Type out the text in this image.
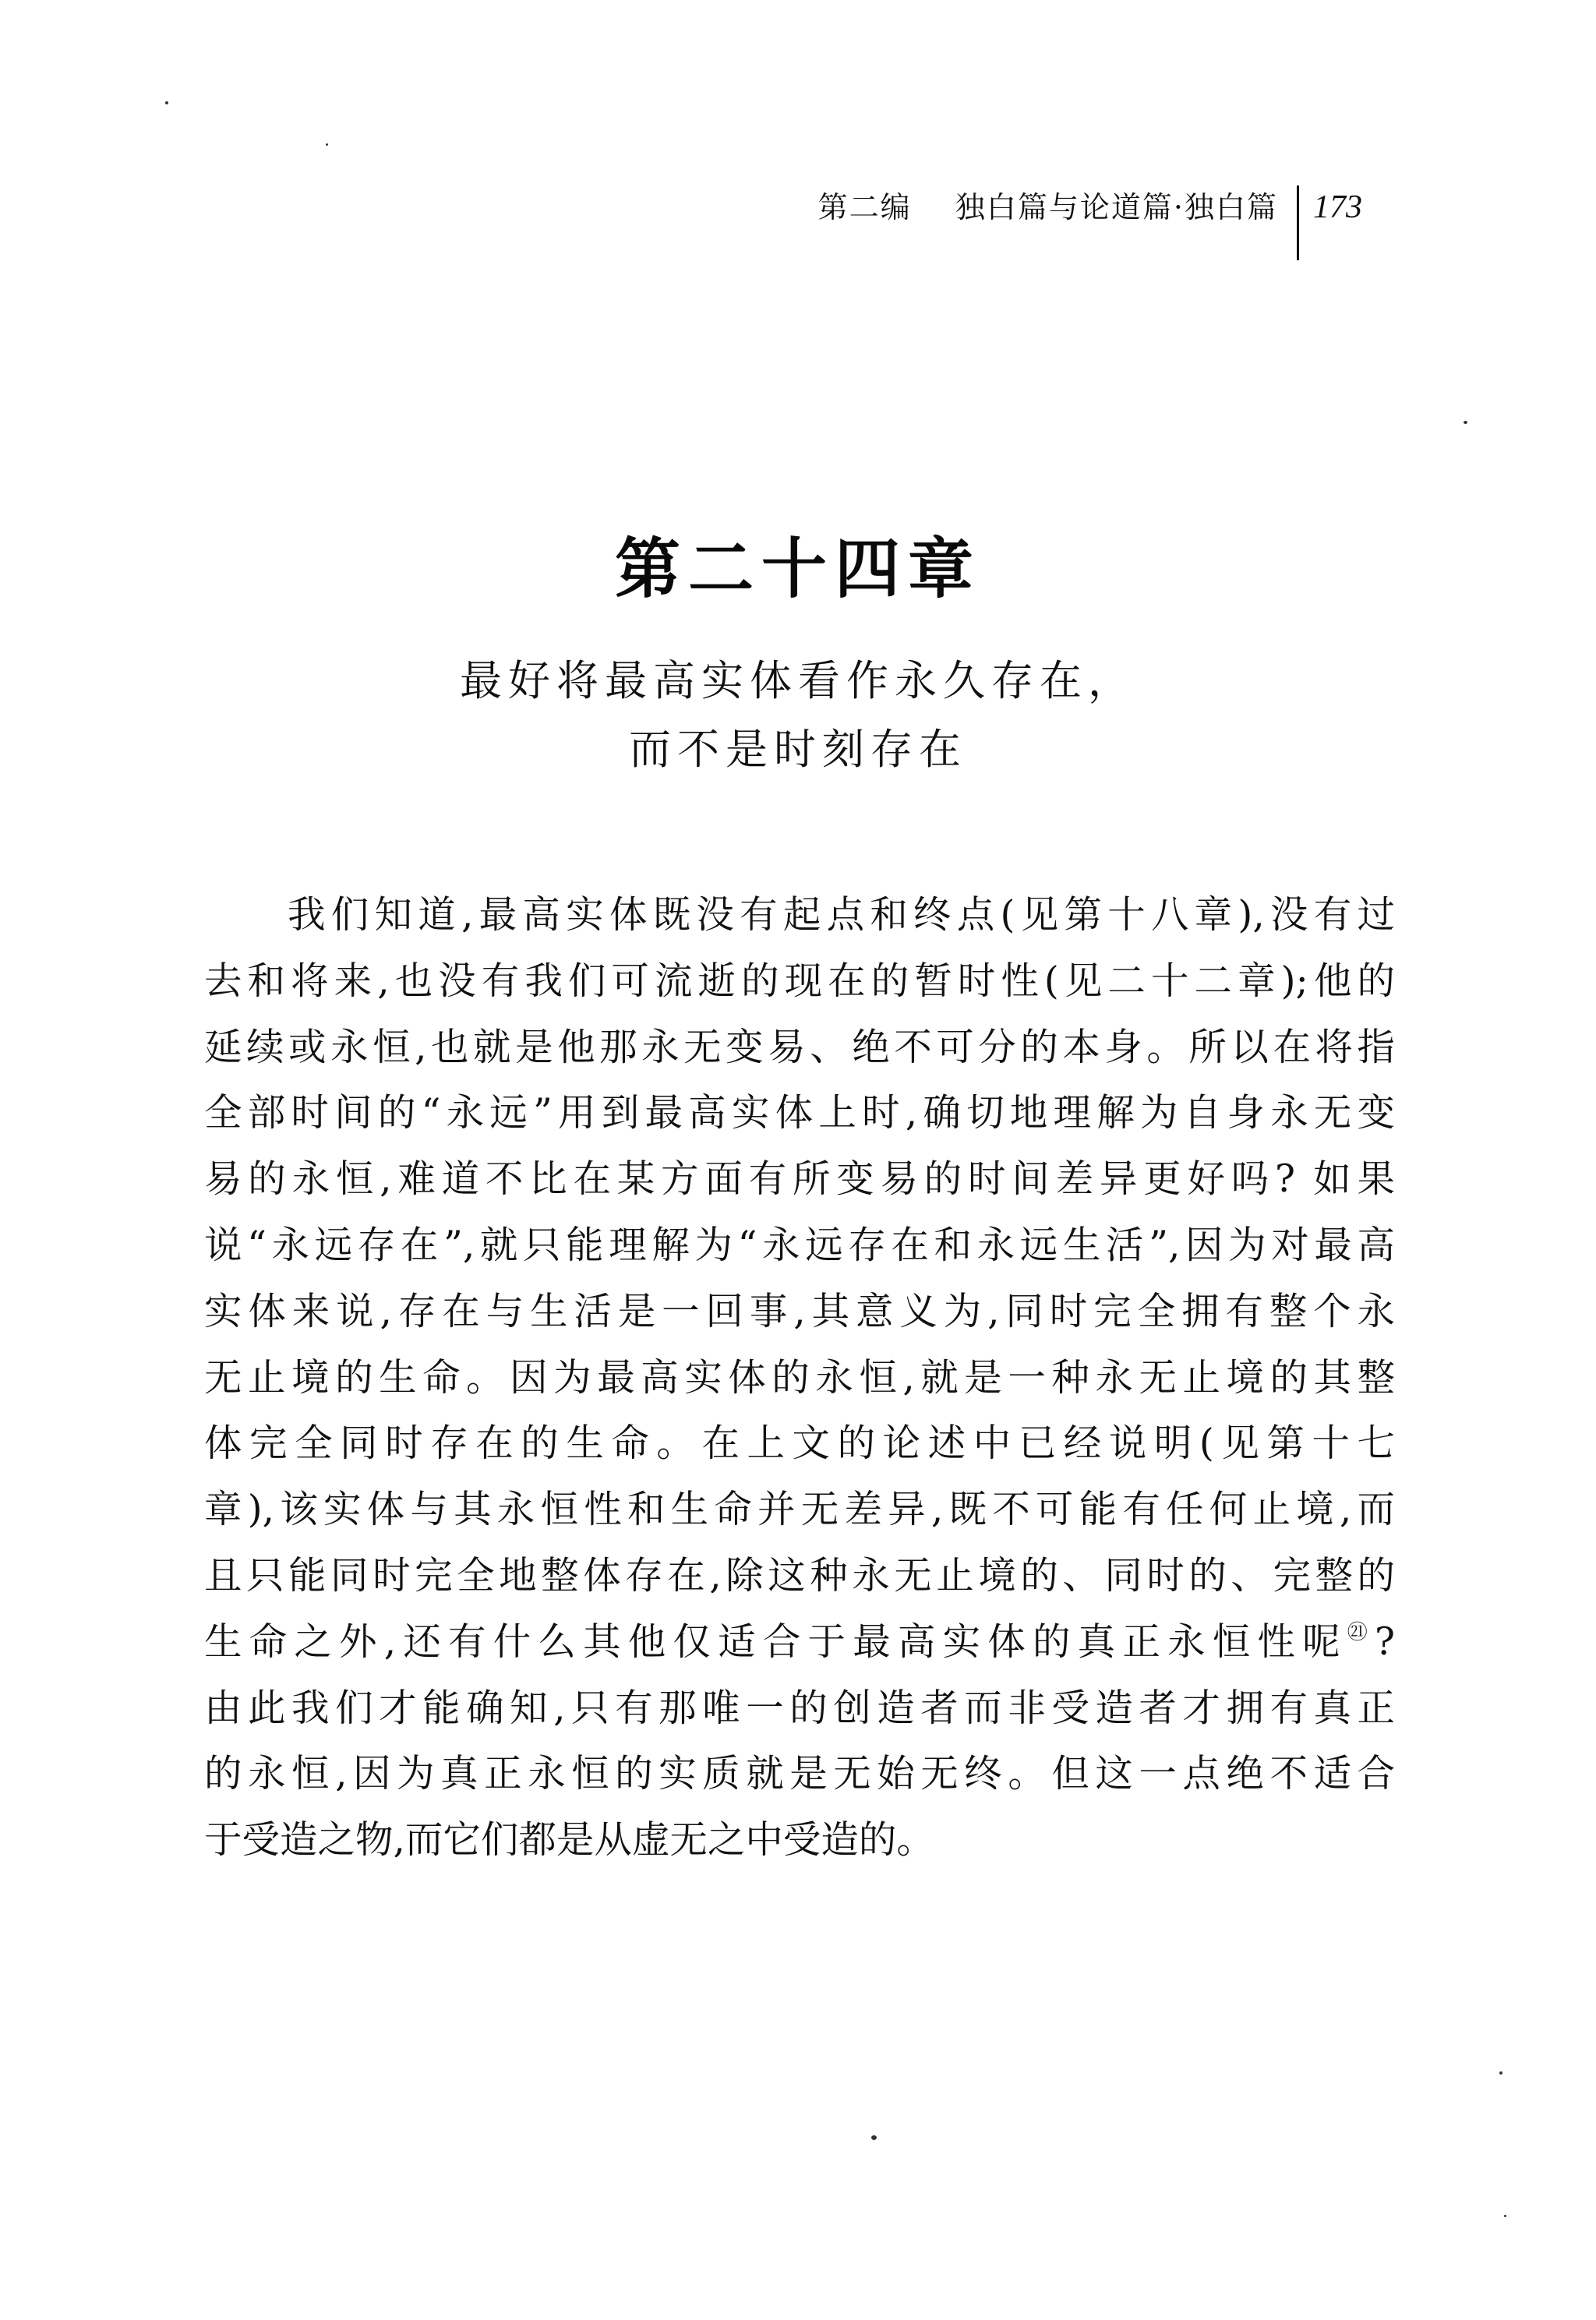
第二编    独白篇与论道篇·独白篇	173
第二十四章
最好将最高实体看作永久存在，
而不是时刻存在
我们知道,最高实体既没有起点和终点(见第十八章),没有过
去和将来,也没有我们可流逝的现在的暂时性(见二十二章);他的
延续或永恒,也就是他那永无变易、绝不可分的本身。所以在将指
全部时间的“永远”用到最高实体上时,确切地理解为自身永无变
易的永恒,难道不比在某方面有所变易的时间差异更好吗? 如果
说“永远存在”,就只能理解为“永远存在和永远生活”,因为对最高
实体来说,存在与生活是一回事,其意义为,同时完全拥有整个永
无止境的生命。因为最高实体的永恒,就是一种永无止境的其整
体完全同时存在的生命。在上文的论述中已经说明(见第十七
章),该实体与其永恒性和生命并无差异,既不可能有任何止境,而
且只能同时完全地整体存在,除这种永无止境的、同时的、完整的
生命之外,还有什么其他仅适合于最高实体的真正永恒性呢$^㉑$?
由此我们才能确知,只有那唯一的创造者而非受造者才拥有真正
的永恒,因为真正永恒的实质就是无始无终。但这一点绝不适合
于受造之物,而它们都是从虚无之中受造的。
